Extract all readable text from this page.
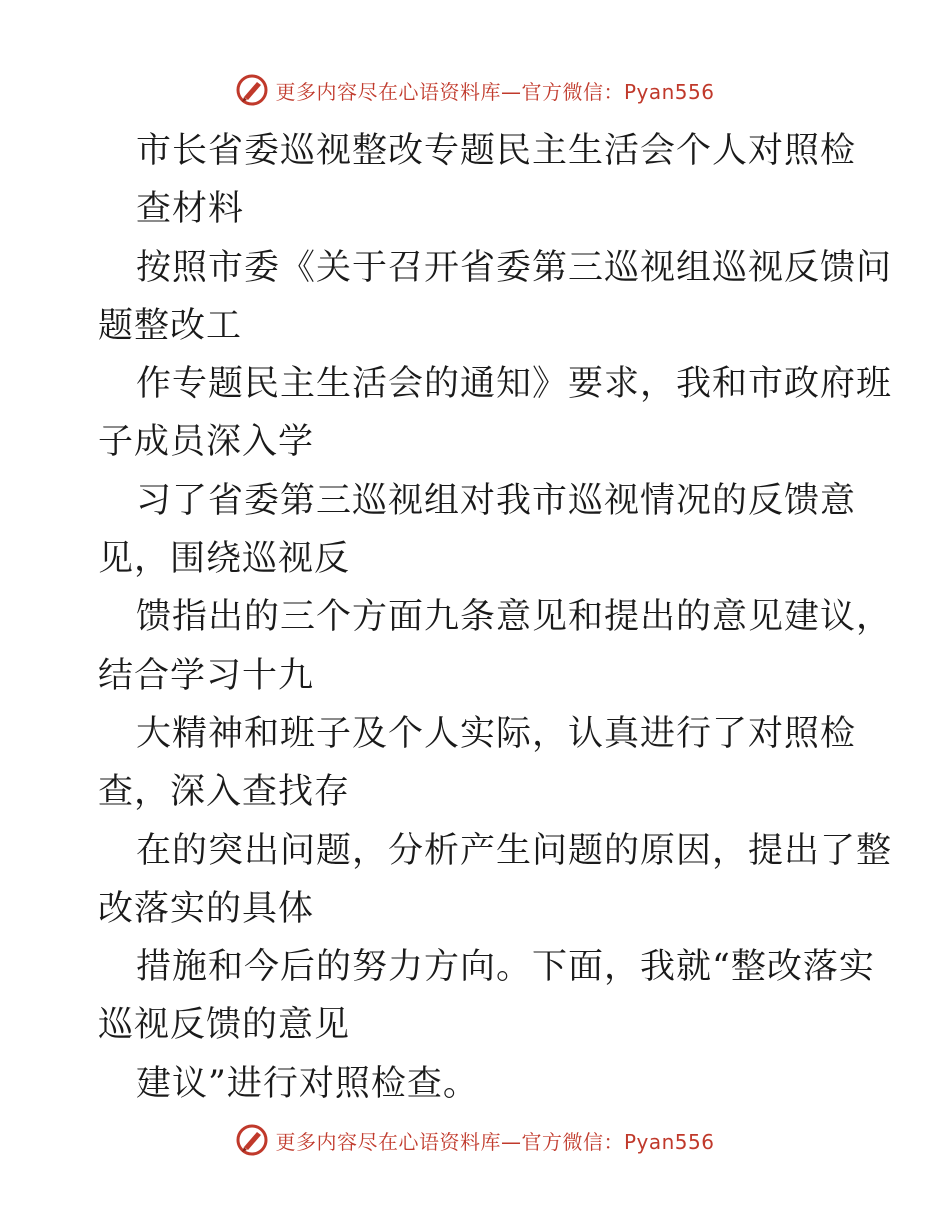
更多内容尽在心语资料库—官方微信：Pyan556
市长省委巡视整改专题民主生活会个人对照检
查材料
按照市委《关于召开省委第三巡视组巡视反馈问
题整改工
作专题民主生活会的通知》要求，我和市政府班
子成员深入学
习了省委第三巡视组对我市巡视情况的反馈意
见，围绕巡视反
馈指出的三个方面九条意见和提出的意见建议，
结合学习十九
大精神和班子及个人实际，认真进行了对照检
查，深入查找存
在的突出问题，分析产生问题的原因，提出了整
改落实的具体
措施和今后的努力方向。下面，我就“整改落实
巡视反馈的意见
建议”进行对照检查。
更多内容尽在心语资料库—官方微信：Pyan556
